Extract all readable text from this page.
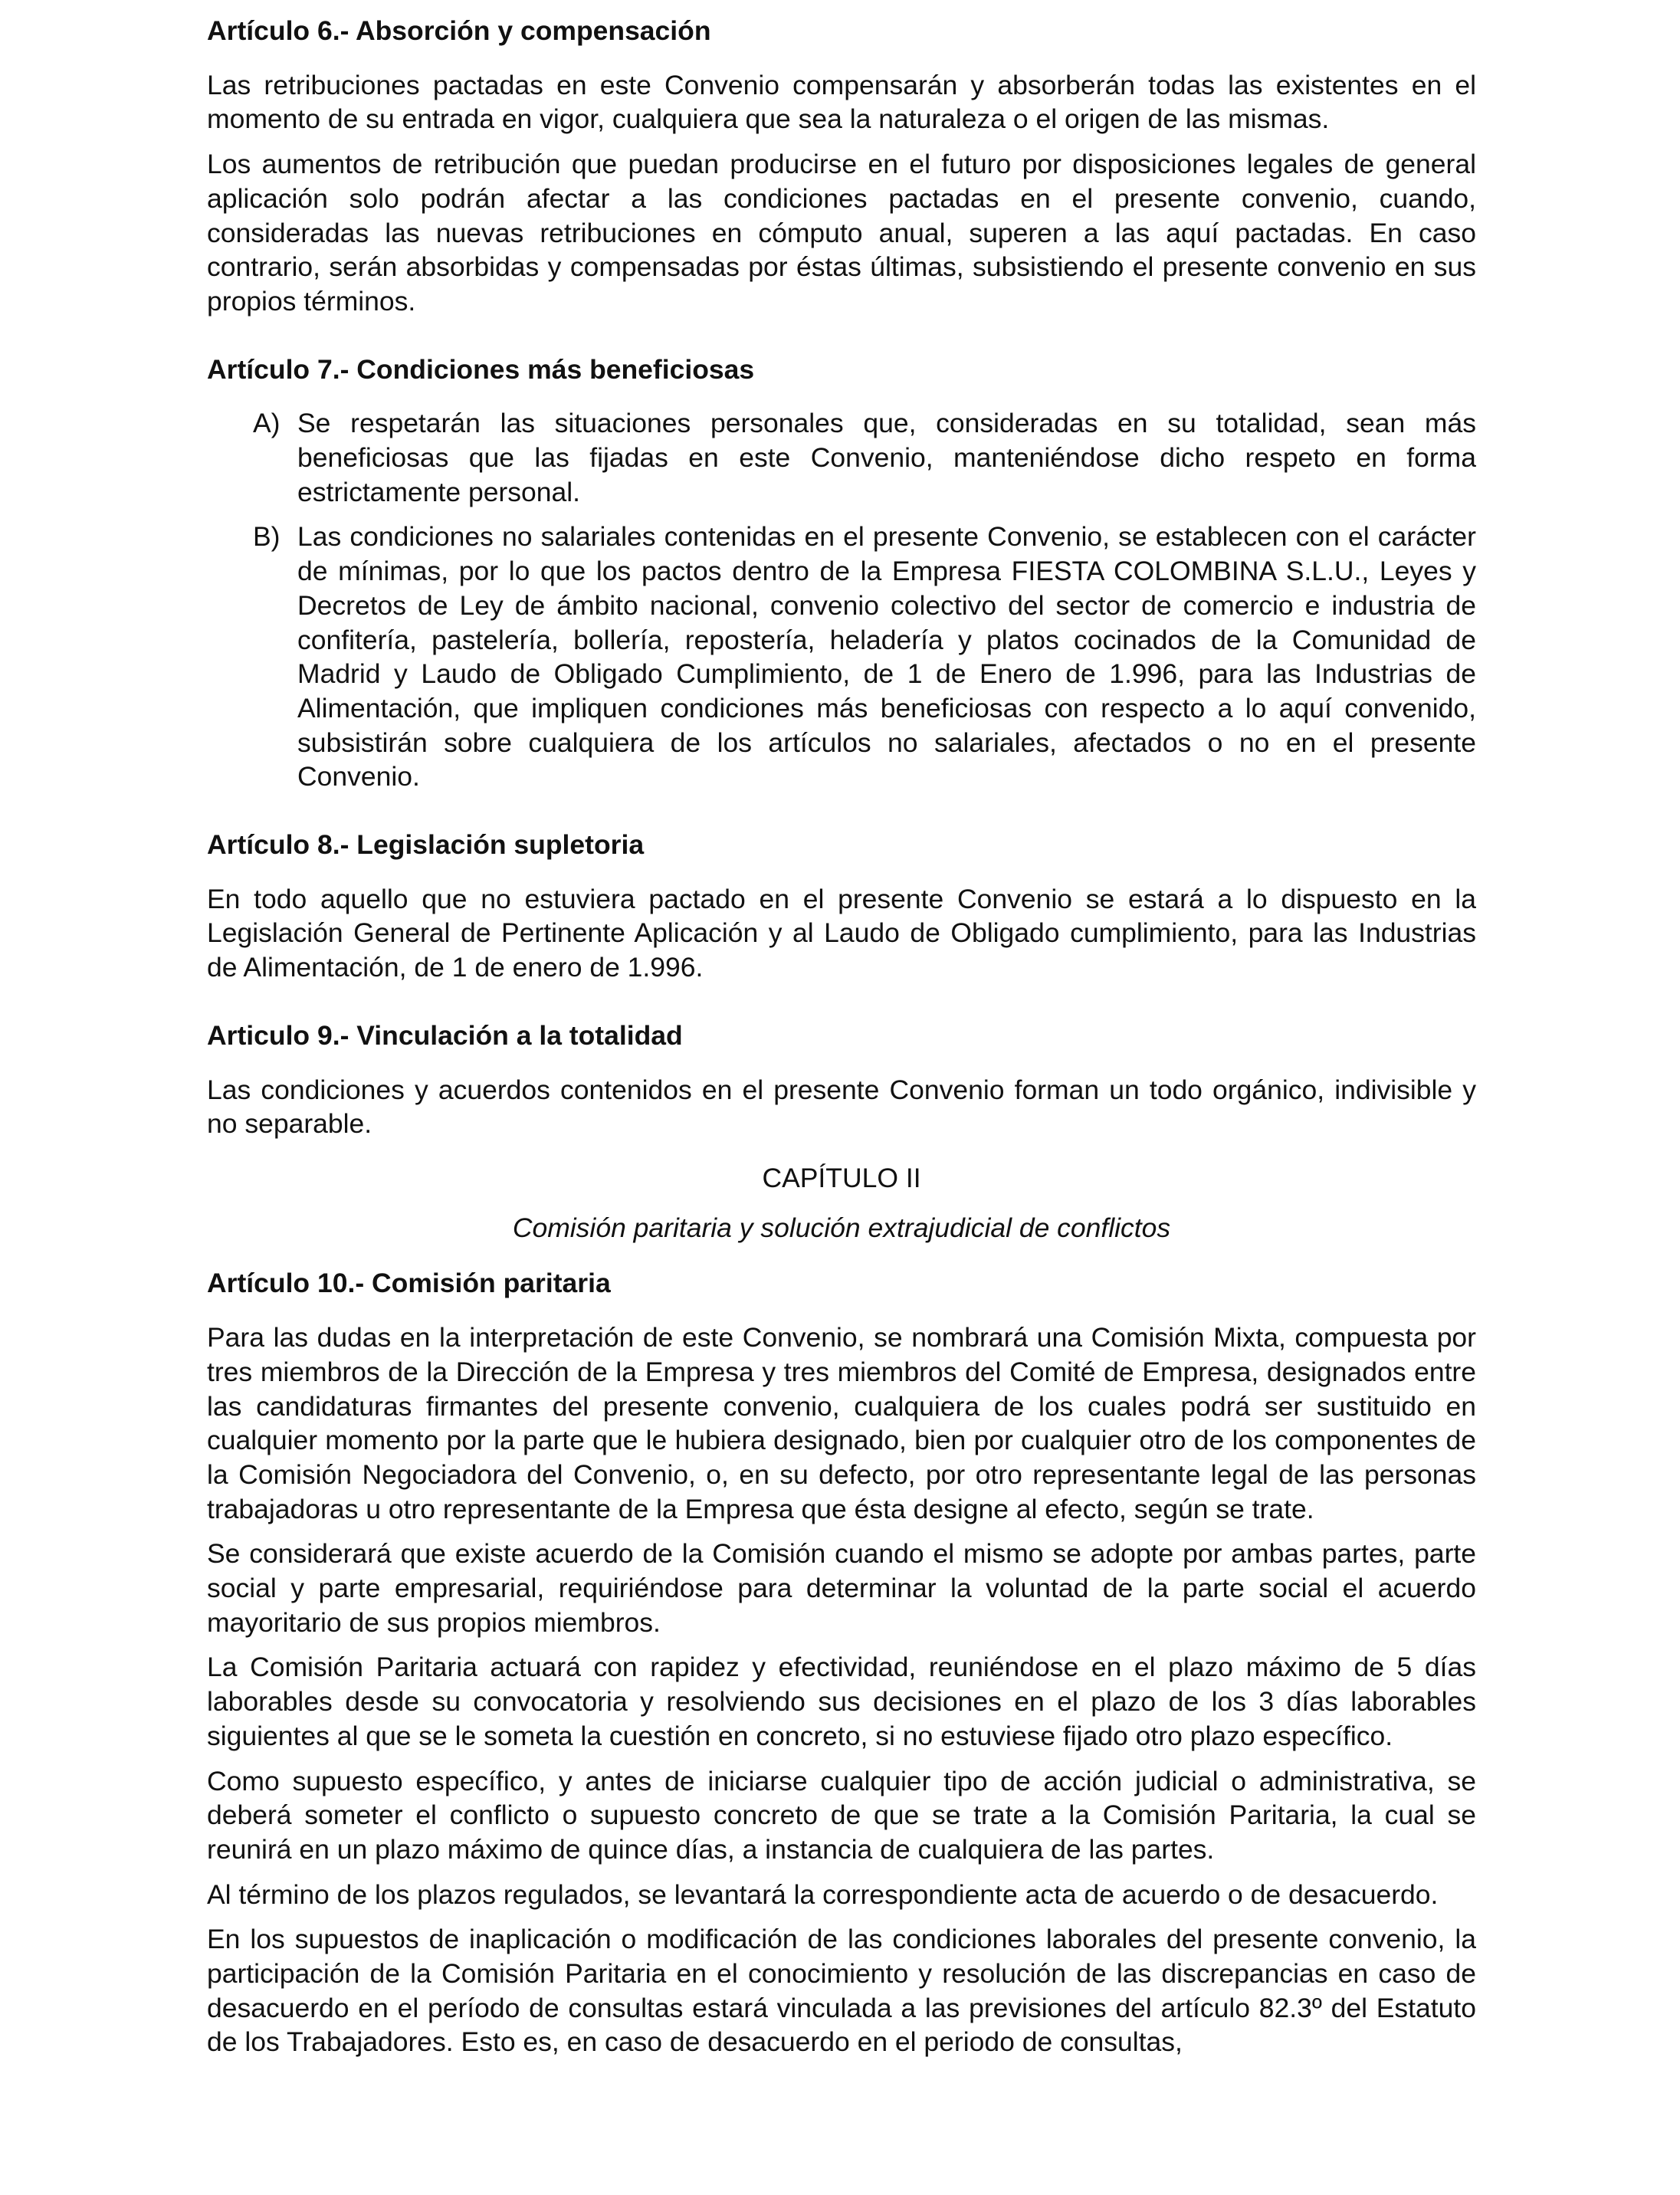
Artículo 6.- Absorción y compensación

Las retribuciones pactadas en este Convenio compensarán y absorberán todas las existentes en el momento de su entrada en vigor, cualquiera que sea la naturaleza o el origen de las mismas.

Los aumentos de retribución que puedan producirse en el futuro por disposiciones legales de general aplicación solo podrán afectar a las condiciones pactadas en el presente convenio, cuando, consideradas las nuevas retribuciones en cómputo anual, superen a las aquí pactadas. En caso contrario, serán absorbidas y compensadas por éstas últimas, subsistiendo el presente convenio en sus propios términos.

Artículo 7.- Condiciones más beneficiosas
A) Se respetarán las situaciones personales que, consideradas en su totalidad, sean más beneficiosas que las fijadas en este Convenio, manteniéndose dicho respeto en forma estrictamente personal.
B) Las condiciones no salariales contenidas en el presente Convenio, se establecen con el carácter de mínimas, por lo que los pactos dentro de la Empresa FIESTA COLOMBINA S.L.U., Leyes y Decretos de Ley de ámbito nacional, convenio colectivo del sector de comercio e industria de confitería, pastelería, bollería, repostería, heladería y platos cocinados de la Comunidad de Madrid y Laudo de Obligado Cumplimiento, de 1 de Enero de 1.996, para las Industrias de Alimentación, que impliquen condiciones más beneficiosas con respecto a lo aquí convenido, subsistirán sobre cualquiera de los artículos no salariales, afectados o no en el presente Convenio.
Artículo 8.- Legislación supletoria

En todo aquello que no estuviera pactado en el presente Convenio se estará a lo dispuesto en la Legislación General de Pertinente Aplicación y al Laudo de Obligado cumplimiento, para las Industrias de Alimentación, de 1 de enero de 1.996.

Articulo 9.- Vinculación a la totalidad

Las condiciones y acuerdos contenidos en el presente Convenio forman un todo orgánico, indivisible y no separable.

CAPÍTULO II
Comisión paritaria y solución extrajudicial de conflictos
Artículo 10.- Comisión paritaria

Para las dudas en la interpretación de este Convenio, se nombrará una Comisión Mixta, compuesta por tres miembros de la Dirección de la Empresa y tres miembros del Comité de Empresa, designados entre las candidaturas firmantes del presente convenio, cualquiera de los cuales podrá ser sustituido en cualquier momento por la parte que le hubiera designado, bien por cualquier otro de los componentes de la Comisión Negociadora del Convenio, o, en su defecto, por otro representante legal de las personas trabajadoras u otro representante de la Empresa que ésta designe al efecto, según se trate.

Se considerará que existe acuerdo de la Comisión cuando el mismo se adopte por ambas partes, parte social y parte empresarial, requiriéndose para determinar la voluntad de la parte social el acuerdo mayoritario de sus propios miembros.

La Comisión Paritaria actuará con rapidez y efectividad, reuniéndose en el plazo máximo de 5 días laborables desde su convocatoria y resolviendo sus decisiones en el plazo de los 3 días laborables siguientes al que se le someta la cuestión en concreto, si no estuviese fijado otro plazo específico.

Como supuesto específico, y antes de iniciarse cualquier tipo de acción judicial o administrativa, se deberá someter el conflicto o supuesto concreto de que se trate a la Comisión Paritaria, la cual se reunirá en un plazo máximo de quince días, a instancia de cualquiera de las partes.

Al término de los plazos regulados, se levantará la correspondiente acta de acuerdo o de desacuerdo.

En los supuestos de inaplicación o modificación de las condiciones laborales del presente convenio, la participación de la Comisión Paritaria en el conocimiento y resolución de las discrepancias en caso de desacuerdo en el período de consultas estará vinculada a las previsiones del artículo 82.3º del Estatuto de los Trabajadores. Esto es, en caso de desacuerdo en el periodo de consultas,
